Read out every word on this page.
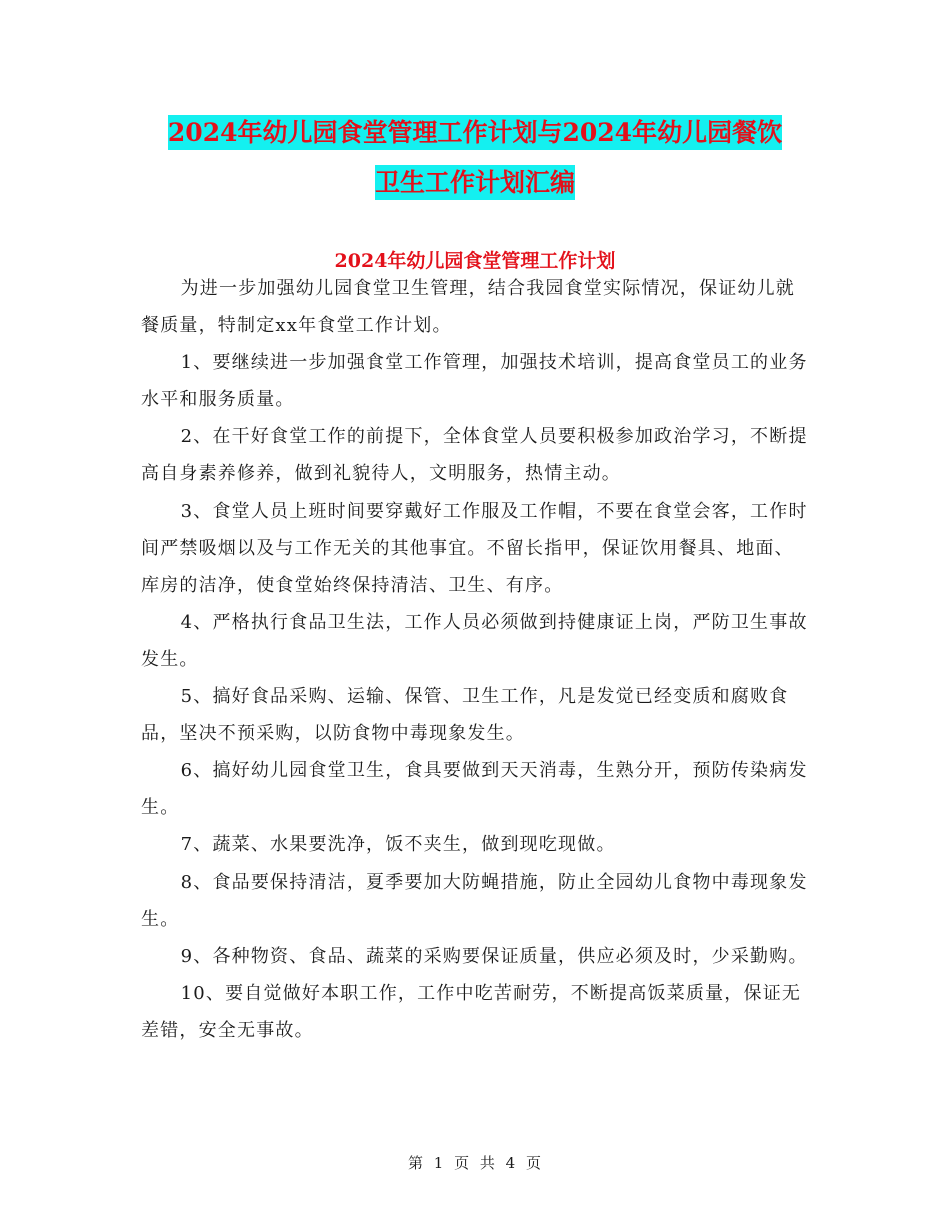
2024年幼儿园食堂管理工作计划与2024年幼儿园餐饮
卫生工作计划汇编
2024年幼儿园食堂管理工作计划

为进一步加强幼儿园食堂卫生管理，结合我园食堂实际情况，保证幼儿就餐质量，特制定xx年食堂工作计划。

1、要继续进一步加强食堂工作管理，加强技术培训，提高食堂员工的业务水平和服务质量。

2、在干好食堂工作的前提下，全体食堂人员要积极参加政治学习，不断提高自身素养修养，做到礼貌待人，文明服务，热情主动。

3、食堂人员上班时间要穿戴好工作服及工作帽，不要在食堂会客，工作时间严禁吸烟以及与工作无关的其他事宜。不留长指甲，保证饮用餐具、地面、库房的洁净，使食堂始终保持清洁、卫生、有序。

4、严格执行食品卫生法，工作人员必须做到持健康证上岗，严防卫生事故发生。

5、搞好食品采购、运输、保管、卫生工作，凡是发觉已经变质和腐败食品，坚决不预采购，以防食物中毒现象发生。

6、搞好幼儿园食堂卫生，食具要做到天天消毒，生熟分开，预防传染病发生。

7、蔬菜、水果要洗净，饭不夹生，做到现吃现做。

8、食品要保持清洁，夏季要加大防蝇措施，防止全园幼儿食物中毒现象发生。

9、各种物资、食品、蔬菜的采购要保证质量，供应必须及时，少采勤购。

10、要自觉做好本职工作，工作中吃苦耐劳，不断提高饭菜质量，保证无差错，安全无事故。

第 1 页 共 4 页
